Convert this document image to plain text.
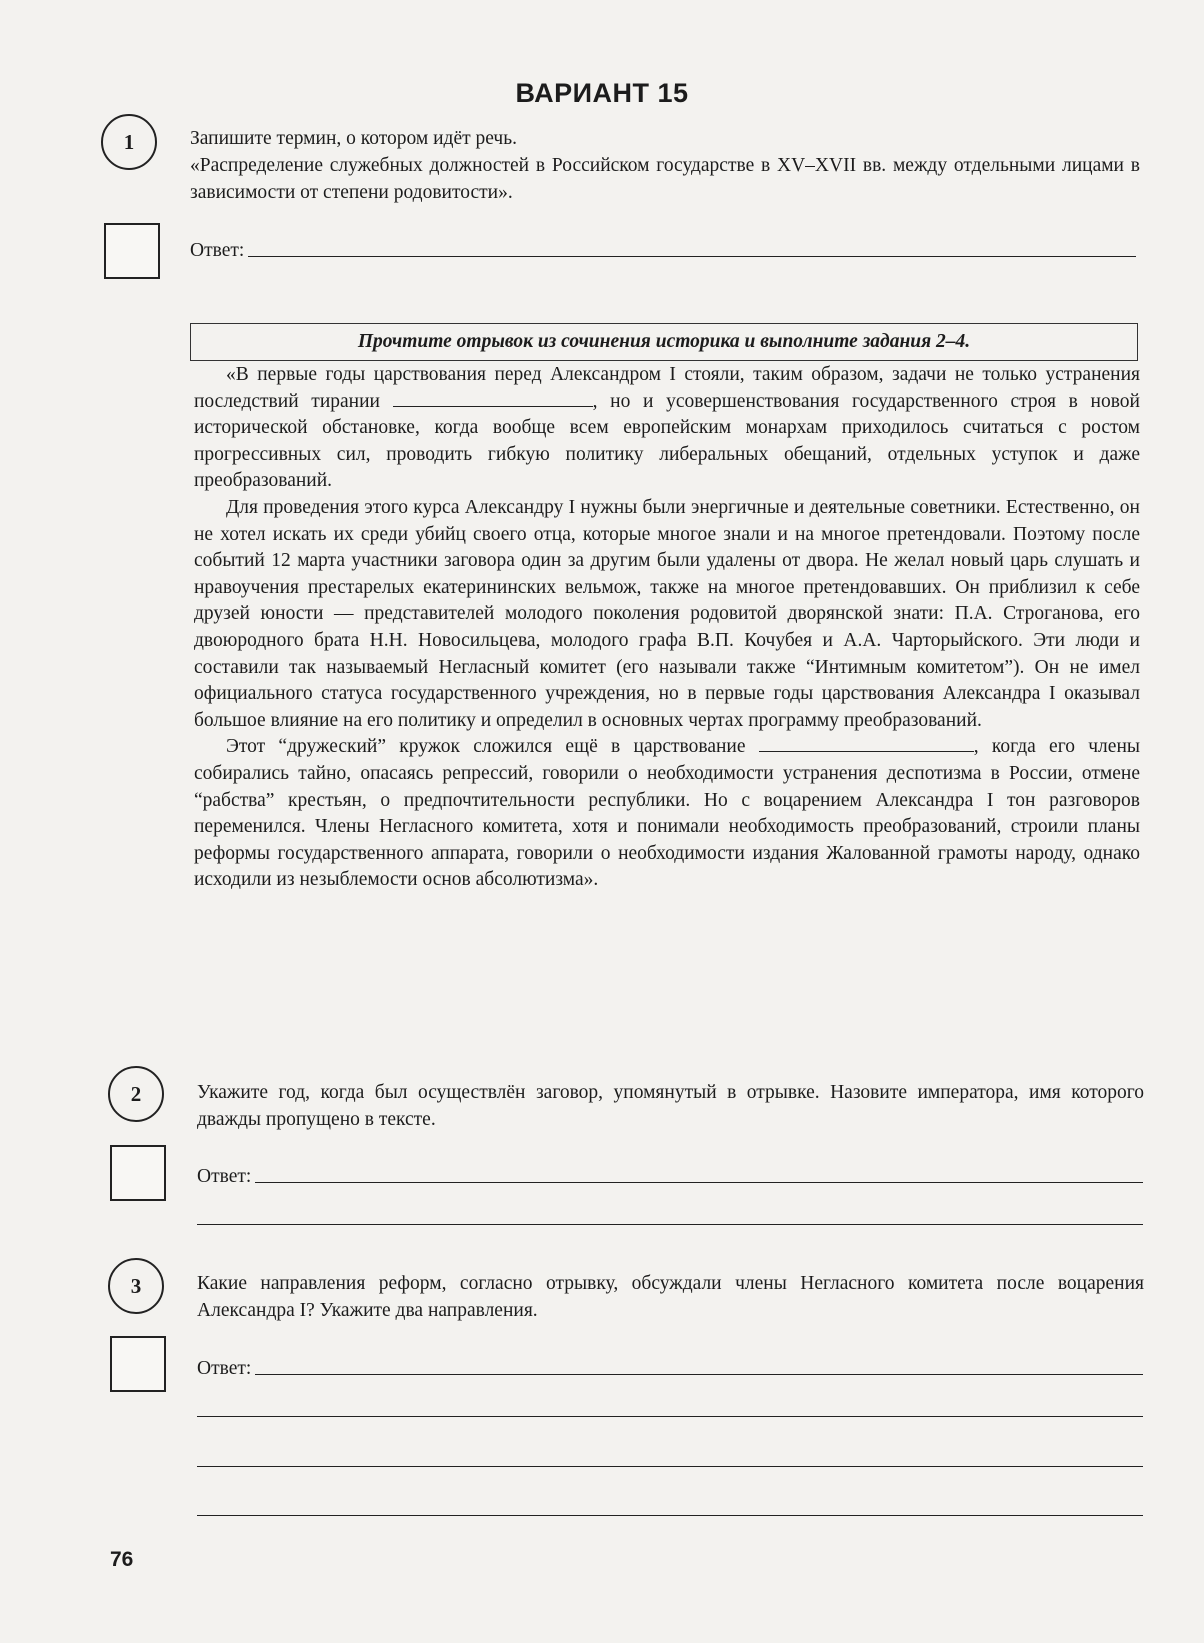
ВАРИАНТ 15
1	Запишите термин, о котором идёт речь.
«Распределение служебных должностей в Российском государстве в XV–XVII вв. между отдельными лицами в зависимости от степени родовитости».
Ответ:
Прочтите отрывок из сочинения историка и выполните задания 2–4.

«В первые годы царствования перед Александром I стояли, таким образом, задачи не только устранения последствий тирании	, но и усовершенствования государственного строя в новой исторической обстановке, когда вообще всем европейским монархам приходилось считаться с ростом прогрессивных сил, проводить гибкую политику либеральных обещаний, отдельных уступок и даже преобразований.

Для проведения этого курса Александру I нужны были энергичные и деятельные советники. Естественно, он не хотел искать их среди убийц своего отца, которые многое знали и на многое претендовали. Поэтому после событий 12 марта участники заговора один за другим были удалены от двора. Не желал новый царь слушать и нравоучения престарелых екатерининских вельмож, также на многое претендовавших. Он приблизил к себе друзей юности — представителей молодого поколения родовитой дворянской знати: П.А. Строганова, его двоюродного брата Н.Н. Новосильцева, молодого графа В.П. Кочубея и А.А. Чарторыйского. Эти люди и составили так называемый Негласный комитет (его называли также “Интимным комитетом”). Он не имел официального статуса государственного учреждения, но в первые годы царствования Александра I оказывал большое влияние на его политику и определил в основных чертах программу преобразований.

Этот “дружеский” кружок сложился ещё в царствование	, когда его члены собирались тайно, опасаясь репрессий, говорили о необходимости устранения деспотизма в России, отмене “рабства” крестьян, о предпочтительности республики. Но с воцарением Александра I тон разговоров переменился. Члены Негласного комитета, хотя и понимали необходимость преобразований, строили планы реформы государственного аппарата, говорили о необходимости издания Жалованной грамоты народу, однако исходили из незыблемости основ абсолютизма».

2	Укажите год, когда был осуществлён заговор, упомянутый в отрывке. Назовите императора, имя которого дважды пропущено в тексте.
Ответ:
3	Какие направления реформ, согласно отрывку, обсуждали члены Негласного комитета после воцарения Александра I? Укажите два направления.
Ответ:
76
